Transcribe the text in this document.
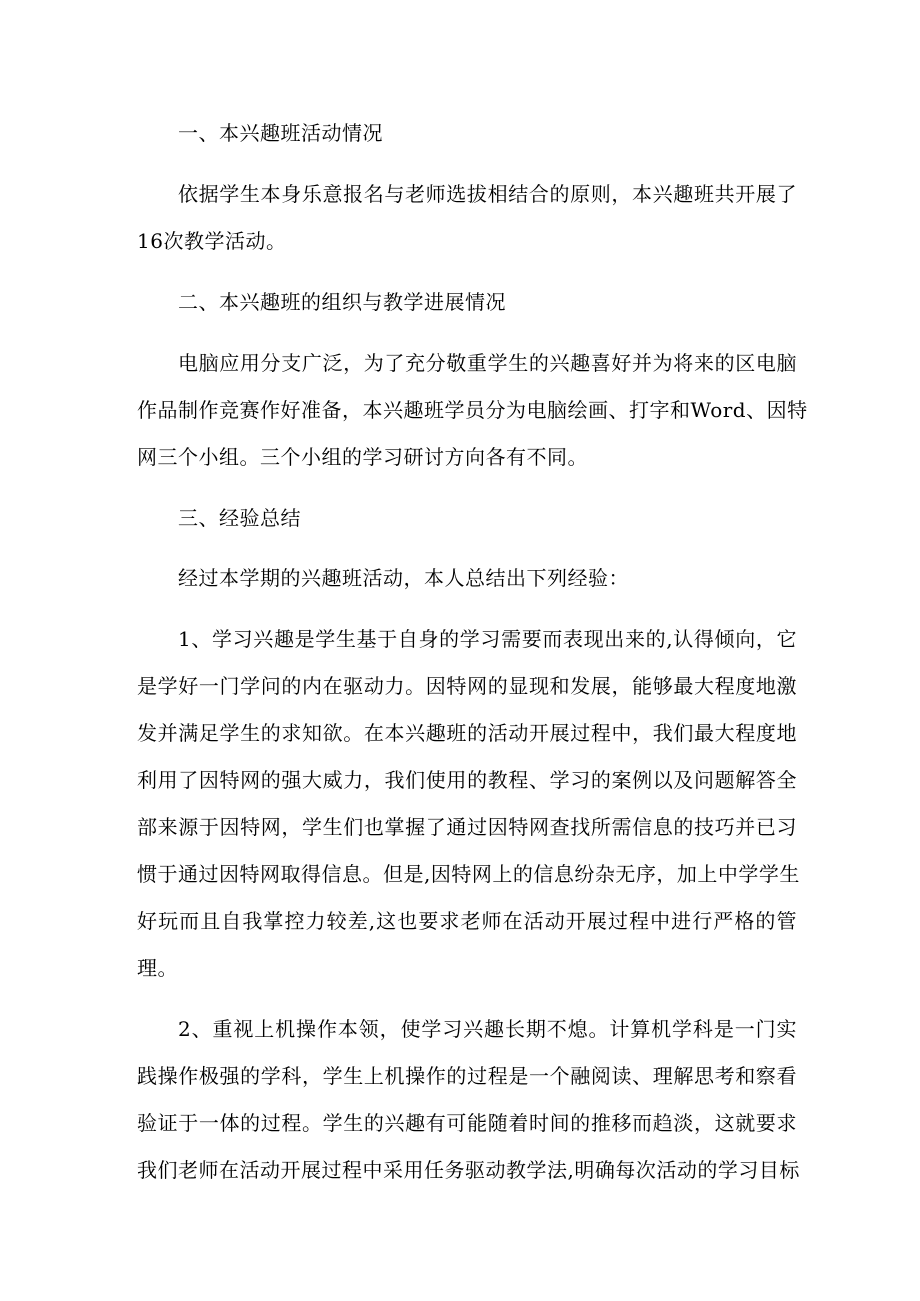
一、本兴趣班活动情况
依据学生本身乐意报名与老师选拔相结合的原则，本兴趣班共开展了
16次教学活动。
二、本兴趣班的组织与教学进展情况
电脑应用分支广泛，为了充分敬重学生的兴趣喜好并为将来的区电脑
作品制作竞赛作好准备，本兴趣班学员分为电脑绘画、打字和Word、因特
网三个小组。三个小组的学习研讨方向各有不同。
三、经验总结
经过本学期的兴趣班活动，本人总结出下列经验：
1、学习兴趣是学生基于自身的学习需要而表现出来的,认得倾向，它
是学好一门学问的内在驱动力。因特网的显现和发展，能够最大程度地激
发并满足学生的求知欲。在本兴趣班的活动开展过程中，我们最大程度地
利用了因特网的强大威力，我们使用的教程、学习的案例以及问题解答全
部来源于因特网，学生们也掌握了通过因特网查找所需信息的技巧并已习
惯于通过因特网取得信息。但是,因特网上的信息纷杂无序，加上中学学生
好玩而且自我掌控力较差,这也要求老师在活动开展过程中进行严格的管
理。
2、重视上机操作本领，使学习兴趣长期不熄。计算机学科是一门实
践操作极强的学科，学生上机操作的过程是一个融阅读、理解思考和察看
验证于一体的过程。学生的兴趣有可能随着时间的推移而趋淡，这就要求
我们老师在活动开展过程中采用任务驱动教学法,明确每次活动的学习目标
